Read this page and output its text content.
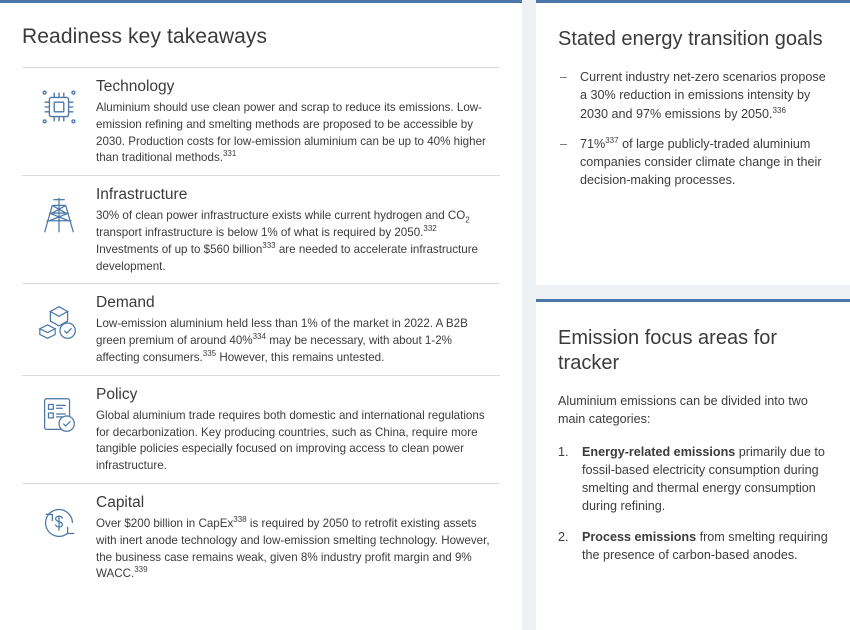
Readiness key takeaways
Technology

Aluminium should use clean power and scrap to reduce its emissions. Low-emission refining and smelting methods are proposed to be accessible by 2030. Production costs for low-emission aluminium can be up to 40% higher than traditional methods.$^{331}$

Infrastructure

30% of clean power infrastructure exists while current hydrogen and $CO_2$ transport infrastructure is below 1% of what is required by 2050.$^{332}$ Investments of up to $560 billion$^{333}$ are needed to accelerate infrastructure development.

Demand

Low-emission aluminium held less than 1% of the market in 2022. A B2B green premium of around 40%$^{334}$ may be necessary, with about 1-2% affecting consumers.$^{335}$ However, this remains untested.

Policy

Global aluminium trade requires both domestic and international regulations for decarbonization. Key producing countries, such as China, require more tangible policies especially focused on improving access to clean power infrastructure.

Capital

Over $200 billion in CapEx$^{338}$ is required by 2050 to retrofit existing assets with inert anode technology and low-emission smelting technology. However, the business case remains weak, given 8% industry profit margin and 9% WACC.$^{339}$

Stated energy transition goals
– Current industry net-zero scenarios propose a 30% reduction in emissions intensity by 2030 and 97% emissions by 2050.$^{336}$
– 71%$^{337}$ of large publicly-traded aluminium companies consider climate change in their decision-making processes.
Emission focus areas for tracker

Aluminium emissions can be divided into two main categories:

1. Energy-related emissions primarily due to fossil-based electricity consumption during smelting and thermal energy consumption during refining.
2. Process emissions from smelting requiring the presence of carbon-based anodes.
